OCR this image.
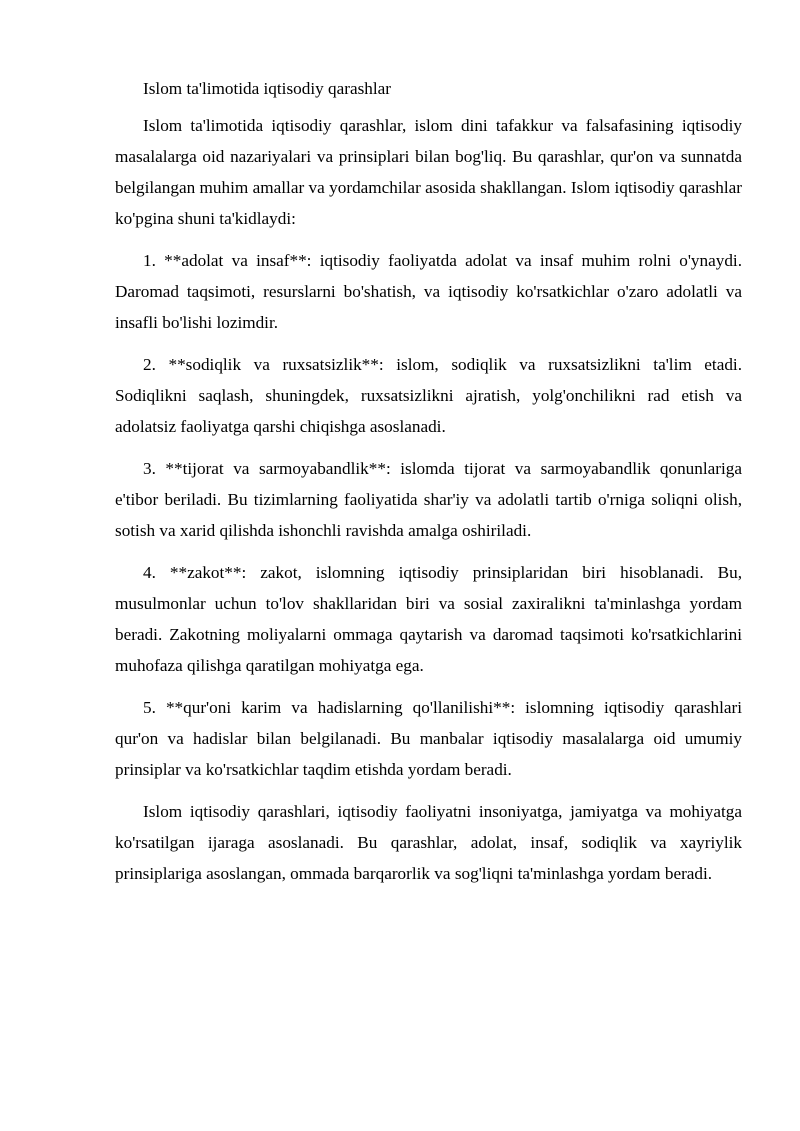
Islom ta'limotida iqtisodiy qarashlar

Islom ta'limotida iqtisodiy qarashlar, islom dini tafakkur va falsafasining iqtisodiy masalalarga oid nazariyalari va prinsiplari bilan bog'liq. Bu qarashlar, qur'on va sunnatda belgilangan muhim amallar va yordamchilar asosida shakllangan. Islom iqtisodiy qarashlar ko'pgina shuni ta'kidlaydi:

1. **adolat va insaf**: iqtisodiy faoliyatda adolat va insaf muhim rolni o'ynaydi. Daromad taqsimoti, resurslarni bo'shatish, va iqtisodiy ko'rsatkichlar o'zaro adolatli va insafli bo'lishi lozimdir.

2. **sodiqlik va ruxsatsizlik**: islom, sodiqlik va ruxsatsizlikni ta'lim etadi. Sodiqlikni saqlash, shuningdek, ruxsatsizlikni ajratish, yolg'onchilikni rad etish va adolatsiz faoliyatga qarshi chiqishga asoslanadi.

3. **tijorat va sarmoyabandlik**: islomda tijorat va sarmoyabandlik qonunlariga e'tibor beriladi. Bu tizimlarning faoliyatida shar'iy va adolatli tartib o'rniga soliqni olish, sotish va xarid qilishda ishonchli ravishda amalga oshiriladi.

4. **zakot**: zakot, islomning iqtisodiy prinsiplaridan biri hisoblanadi. Bu, musulmonlar uchun to'lov shakllaridan biri va sosial zaxiralikni ta'minlashga yordam beradi. Zakotning moliyalarni ommaga qaytarish va daromad taqsimoti ko'rsatkichlarini muhofaza qilishga qaratilgan mohiyatga ega.

5. **qur'oni karim va hadislarning qo'llanilishi**: islomning iqtisodiy qarashlari qur'on va hadislar bilan belgilanadi. Bu manbalar iqtisodiy masalalarga oid umumiy prinsiplar va ko'rsatkichlar taqdim etishda yordam beradi.

Islom iqtisodiy qarashlari, iqtisodiy faoliyatni insoniyatga, jamiyatga va mohiyatga ko'rsatilgan ijaraga asoslanadi. Bu qarashlar, adolat, insaf, sodiqlik va xayriylik prinsiplariga asoslangan, ommada barqarorlik va sog'liqni ta'minlashga yordam beradi.
